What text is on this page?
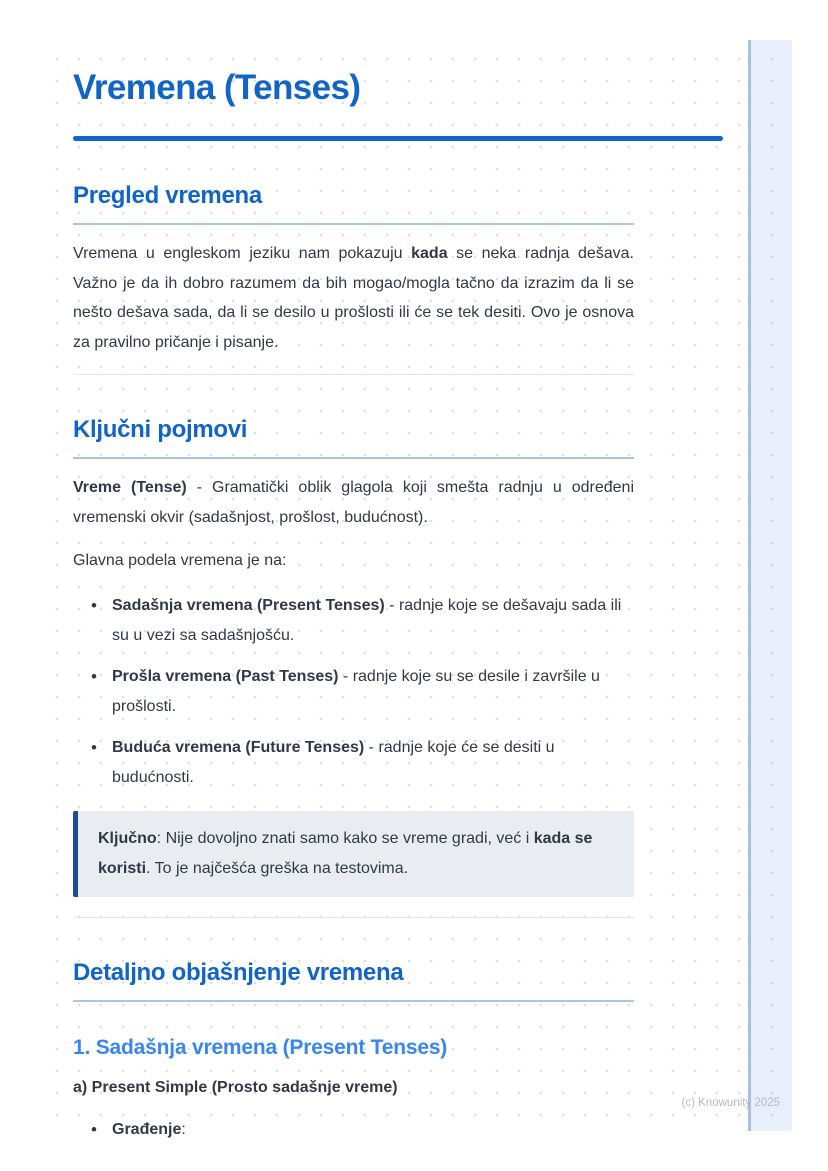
Vremena (Tenses)
Pregled vremena

Vremena u engleskom jeziku nam pokazuju kada se neka radnja dešava. Važno je da ih dobro razumem da bih mogao/mogla tačno da izrazim da li se nešto dešava sada, da li se desilo u prošlosti ili će se tek desiti. Ovo je osnova za pravilno pričanje i pisanje.

Ključni pojmovi

Vreme (Tense) - Gramatički oblik glagola koji smešta radnju u određeni vremenski okvir (sadašnjost, prošlost, budućnost).

Glavna podela vremena je na:

• Sadašnja vremena (Present Tenses) - radnje koje se dešavaju sada ili su u vezi sa sadašnjošću.
• Prošla vremena (Past Tenses) - radnje koje su se desile i završile u prošlosti.
• Buduća vremena (Future Tenses) - radnje koje će se desiti u budućnosti.
Ključno: Nije dovoljno znati samo kako se vreme gradi, već i kada se koristi. To je najčešća greška na testovima.
Detaljno objašnjenje vremena
1. Sadašnja vremena (Present Tenses)
a) Present Simple (Prosto sadašnje vreme)
• Građenje:
(c) Knowunity 2025
